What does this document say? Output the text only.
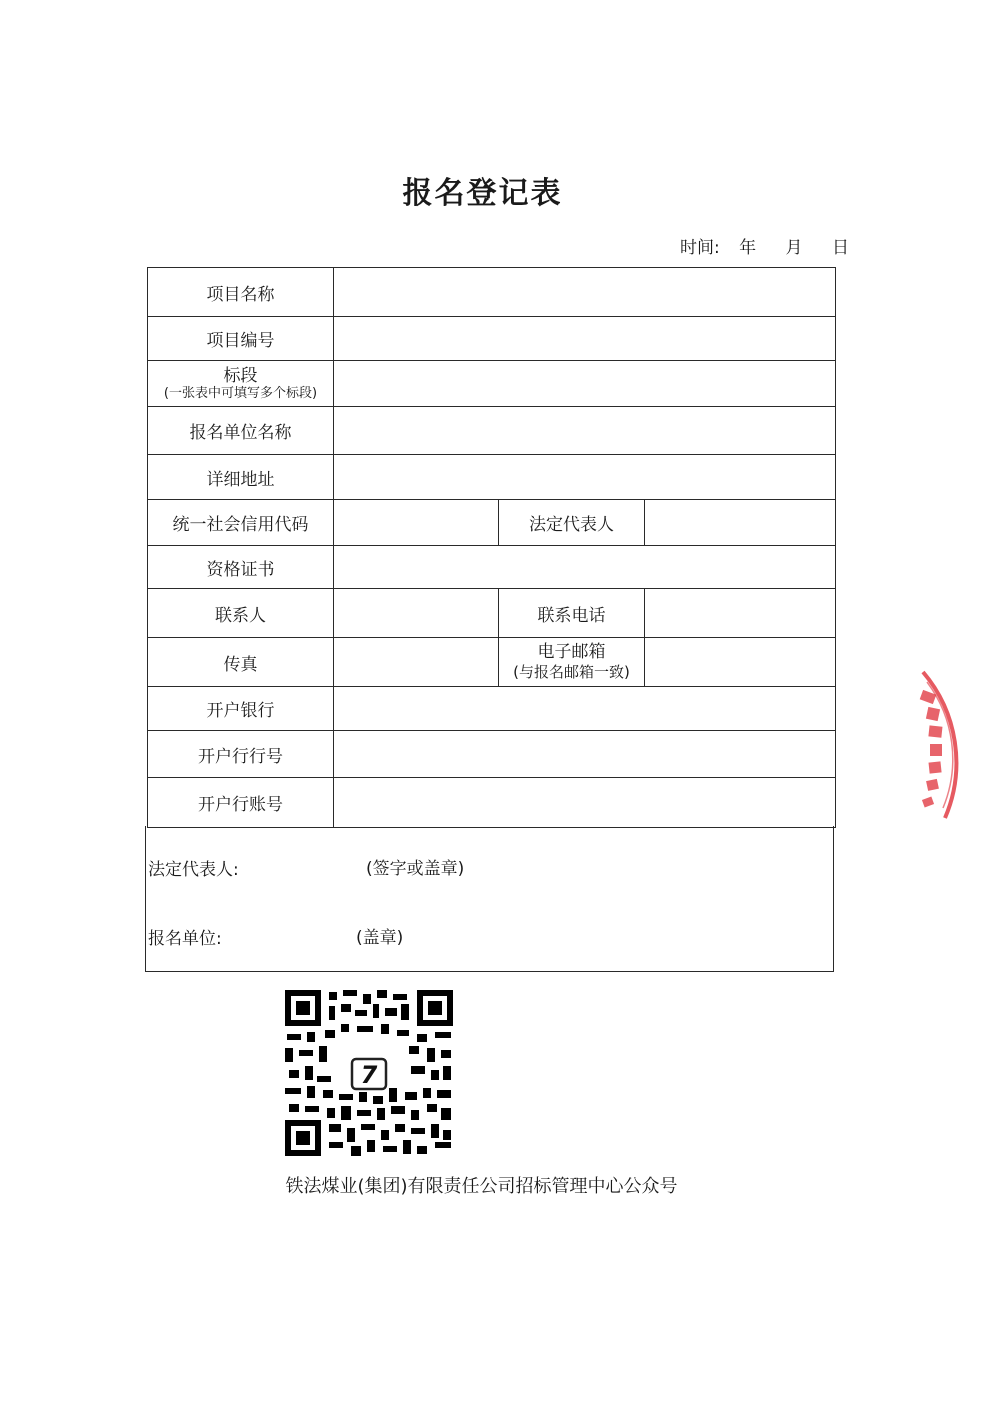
报名登记表
时间: 年 月 日
项目名称			
项目编号			

标段
(一张表中可填写多个标段)			

报名单位名称			
详细地址			
统一社会信用代码		法定代表人	
资格证书			
联系人		联系电话	
传真		电子邮箱
(与报名邮箱一致)	

开户银行			
开户行行号			
开户行账号			
法定代表人:	(签字或盖章)
报名单位:	(盖章)
7
铁法煤业(集团)有限责任公司招标管理中心公众号
